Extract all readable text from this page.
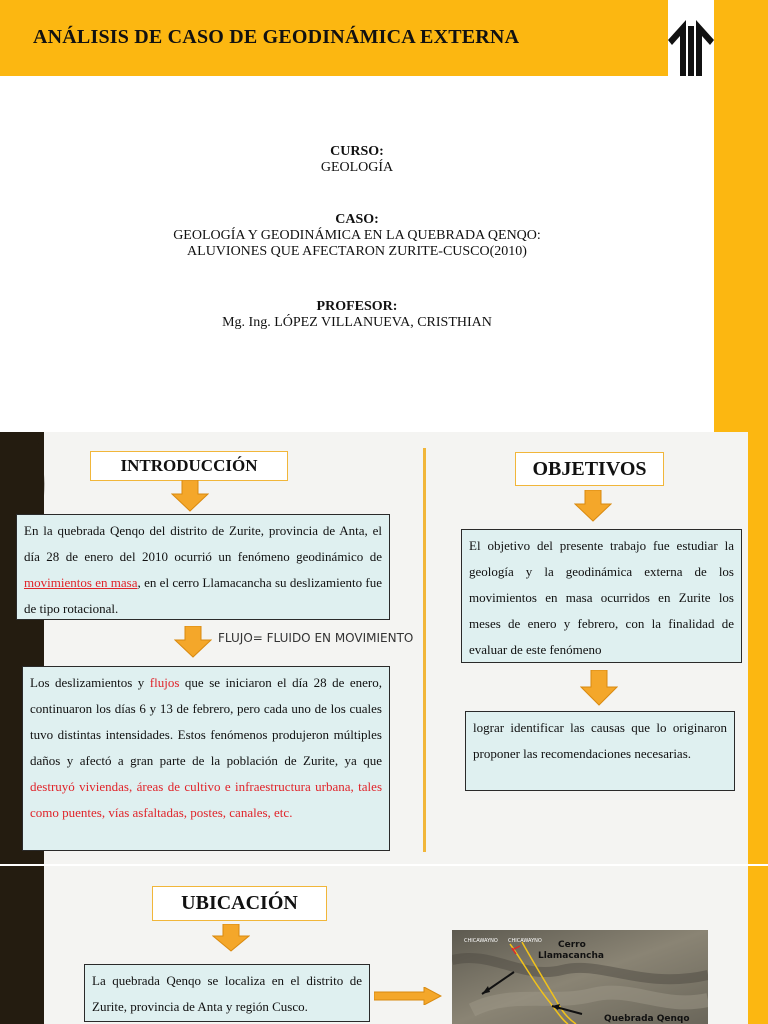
ANÁLISIS DE CASO DE GEODINÁMICA EXTERNA
CURSO:
GEOLOGÍA
CASO:
GEOLOGÍA Y GEODINÁMICA EN LA QUEBRADA QENQO:
ALUVIONES QUE AFECTARON ZURITE-CUSCO(2010)
PROFESOR:
Mg. Ing. LÓPEZ VILLANUEVA, CRISTHIAN
INTRODUCCIÓN
En la quebrada Qenqo del distrito de Zurite, provincia de Anta, el día 28 de enero del 2010 ocurrió un fenómeno geodinámico de movimientos en masa, en el cerro Llamacancha su deslizamiento fue de tipo rotacional.
FLUJO= FLUIDO EN MOVIMIENTO
Los deslizamientos y flujos que se iniciaron el día 28 de enero, continuaron los días 6 y 13 de febrero, pero cada uno de los cuales tuvo distintas intensidades. Estos fenómenos produjeron múltiples daños y afectó a gran parte de la población de Zurite, ya que destruyó viviendas, áreas de cultivo e infraestructura urbana, tales como puentes, vías asfaltadas, postes, canales, etc.
OBJETIVOS
El objetivo del presente trabajo fue estudiar la geología y la geodinámica externa de los movimientos en masa ocurridos en Zurite los meses de enero y febrero, con la finalidad de evaluar de este fenómeno
lograr identificar las causas que lo originaron proponer las recomendaciones necesarias.
UBICACIÓN
La quebrada Qenqo se localiza en el distrito de Zurite, provincia de Anta y región Cusco.
CHICAWAYNO CHICAWAYNO Cerro
Llamacancha
Quebrada Qenqo
